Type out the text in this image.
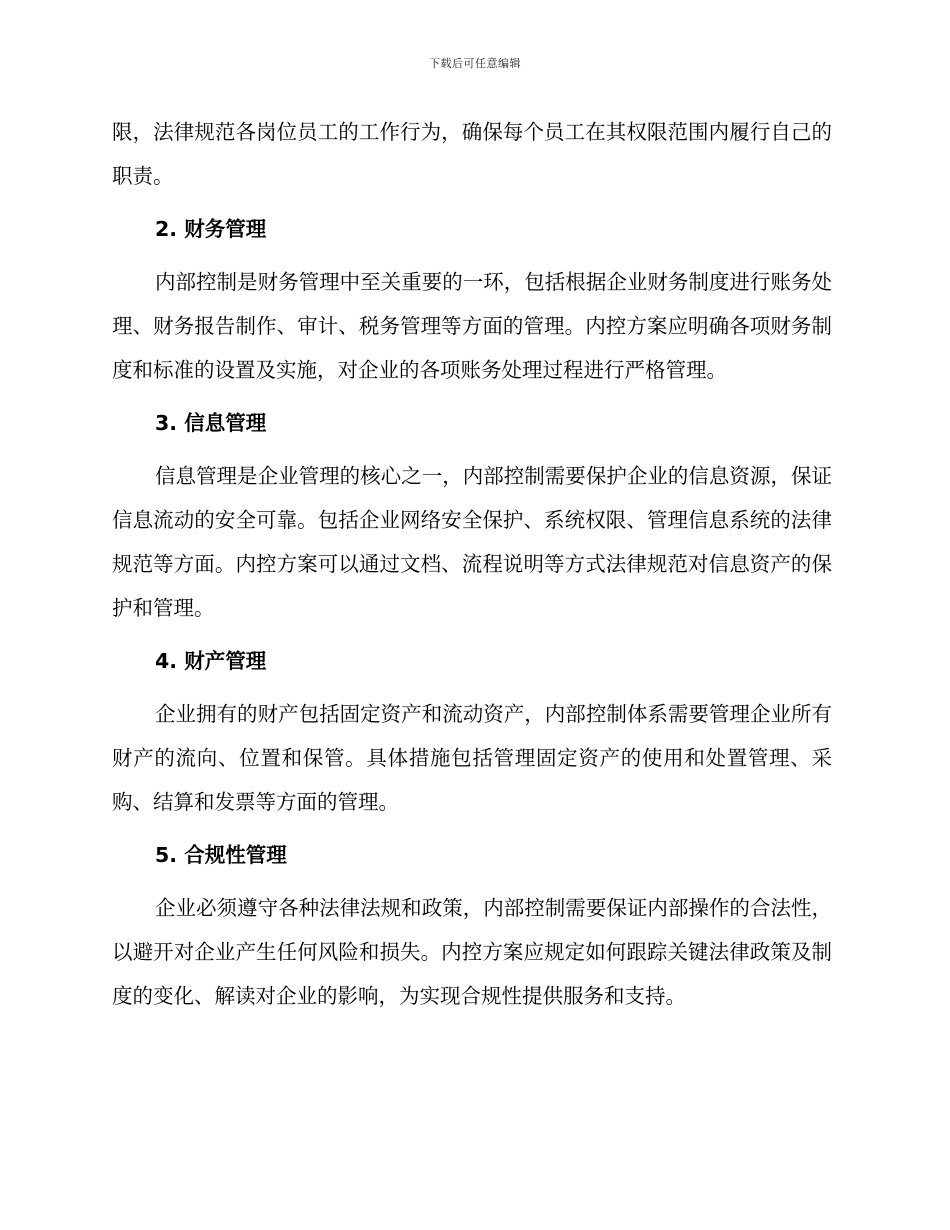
下载后可任意编辑

限，法律规范各岗位员工的工作行为，确保每个员工在其权限范围内履行自己的职责。

2. 财务管理

内部控制是财务管理中至关重要的一环，包括根据企业财务制度进行账务处理、财务报告制作、审计、税务管理等方面的管理。内控方案应明确各项财务制度和标准的设置及实施，对企业的各项账务处理过程进行严格管理。

3. 信息管理

信息管理是企业管理的核心之一，内部控制需要保护企业的信息资源，保证信息流动的安全可靠。包括企业网络安全保护、系统权限、管理信息系统的法律规范等方面。内控方案可以通过文档、流程说明等方式法律规范对信息资产的保护和管理。

4. 财产管理

企业拥有的财产包括固定资产和流动资产，内部控制体系需要管理企业所有财产的流向、位置和保管。具体措施包括管理固定资产的使用和处置管理、采购、结算和发票等方面的管理。

5. 合规性管理

企业必须遵守各种法律法规和政策，内部控制需要保证内部操作的合法性，以避开对企业产生任何风险和损失。内控方案应规定如何跟踪关键法律政策及制度的变化、解读对企业的影响，为实现合规性提供服务和支持。
